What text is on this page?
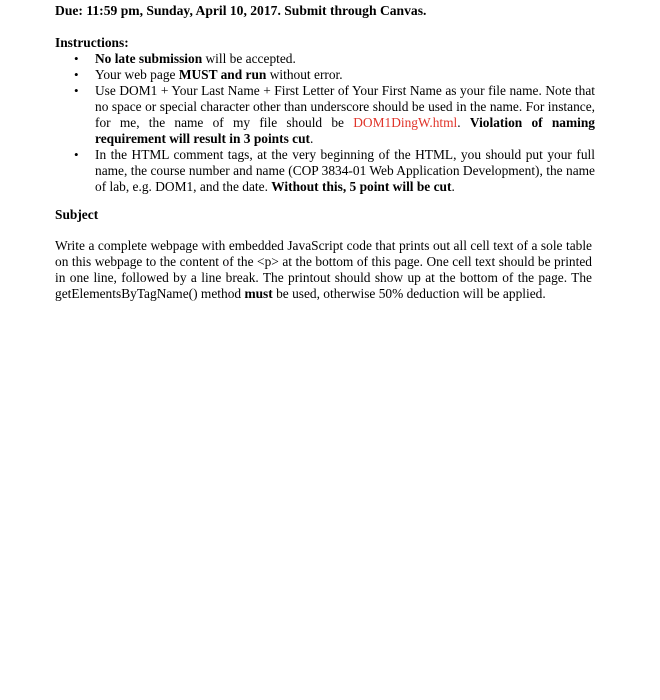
Due: 11:59 pm, Sunday, April 10, 2017. Submit through Canvas.
Instructions:
• No late submission will be accepted.
• Your web page MUST and run without error.
• Use DOM1 + Your Last Name + First Letter of Your First Name as your file name. Note that no space or special character other than underscore should be used in the name. For instance, for me, the name of my file should be DOM1DingW.html. Violation of naming requirement will result in 3 points cut.
• In the HTML comment tags, at the very beginning of the HTML, you should put your full name, the course number and name (COP 3834-01 Web Application Development), the name of lab, e.g. DOM1, and the date. Without this, 5 point will be cut.
Subject

Write a complete webpage with embedded JavaScript code that prints out all cell text of a sole table on this webpage to the content of the <p> at the bottom of this page. One cell text should be printed in one line, followed by a line break. The printout should show up at the bottom of the page. The getElementsByTagName() method must be used, otherwise 50% deduction will be applied.
